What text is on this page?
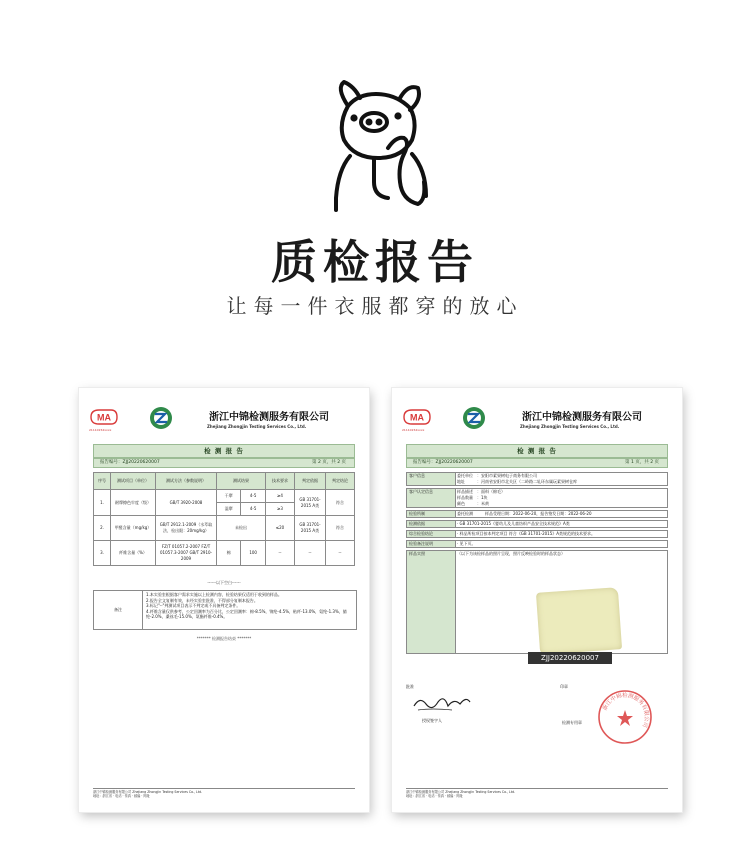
质检报告
让每一件衣服都穿的放心
MA
21110152xxxx
浙江中锦检测服务有限公司
Zhejiang Zhongjin Testing Services Co., Ltd.
检 测 报 告
报告编号：ZJJ20220620007	第 2 页，共 2 页
序号	测试项目（单位）	测试方法（参数说明）	测试结果		技术要求	判定依据	判定结论
1.	耐摩擦色牢度（级）	GB/T 3920-2008	干摩	4-5	≥4	GB 31701-2015 A类	符合
			湿摩	4-5	≥3		
2.	甲醛含量（mg/kg）	GB/T 2912.1-2009（水萃取法，检出限：20mg/kg）	未检出		≤20	GB 31701-2015 A类	符合
3.	纤维含量（%）	FZ/T 01057.2-2007 FZ/T 01057.3-2007 GB/T 2910-2009	棉	100	--	--	--
------以下空白------
备注
1.本实验室根据客户需求实施以上检测内容，检验结果仅适用于收到的样品。
2.报告全文复制有效，未经实验室批准，不得部分复制本报告。
3.标记"--"判测试项目表示不判定或不具备判定条件。
4.纤维含量仅供参考，公定回潮率为百分比，公定回潮率：棉-8.5%，锦纶-4.5%，粘纤-13.0%，氨纶-1.3%，腈纶-2.0%，桑丝毛-15.0%，氨酯纤维-0.4%。
******* 检测报告结束 *******
浙江中锦检测服务有限公司 Zhejiang Zhongjin Testing Services Co., Ltd.
地址：浙江省 · 电话 · 传真 · 邮编 · 网址
MA
21110152xxxx
浙江中锦检测服务有限公司
Zhejiang Zhongjin Testing Services Co., Ltd.
检 测 报 告
报告编号：ZJJ20220620007	第 1 页，共 2 页
客户信息	委托单位　：安阳市素果树电子商务有限公司
地址　　　：河南省安阳市北关区（二岭路二轧环东属玩素果树仓库
客户认定信息	样品描述　：面料（棉毛）
样品数量　：1块
颜色　　　：米黄
检验所制	委托检测　　　样品受理日期：2022-06-20，报告签发日期：2022-06-20
检测依据	· GB 31701-2015《婴幼儿及儿童纺织产品安全技术规范》A类
综合检验结论	· 样品所检项目按本判定项目 符合《GB 31701-2015》A类规范的技术要求。
检验备注说明	· 见下页。
样品实照	（以下为该检样品的照片呈现，照片反映检验时的样品状态）
ZJJ20220620007
批准
授权签字人
印章
检测专用章
浙江中锦检测服务有限公司
浙江中锦检测服务有限公司 Zhejiang Zhongjin Testing Services Co., Ltd.
地址：浙江省 · 电话 · 传真 · 邮编 · 网址
